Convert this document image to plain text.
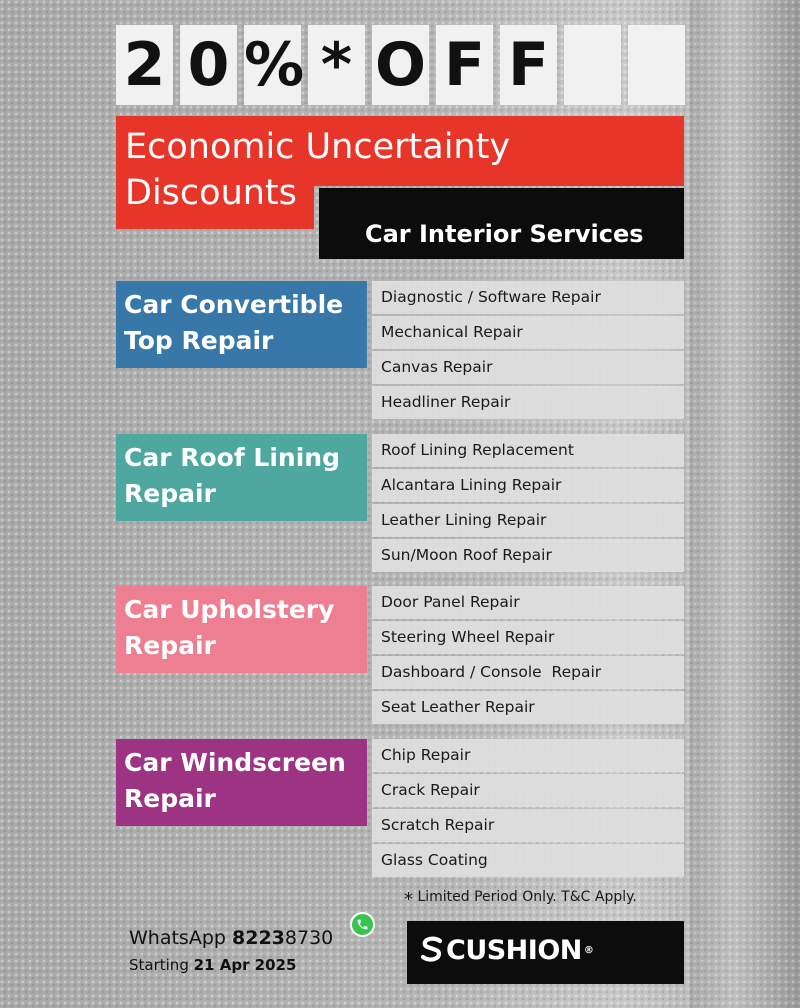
2 0 % * O F F
Economic Uncertainty
Discounts
Car Interior Services
Car Convertible
Top Repair
Diagnostic / Software Repair
Mechanical Repair
Canvas Repair
Headliner Repair
Car Roof Lining
Repair
Roof Lining Replacement
Alcantara Lining Repair
Leather Lining Repair
Sun/Moon Roof Repair
Car Upholstery
Repair
Door Panel Repair
Steering Wheel Repair
Dashboard / Console  Repair
Seat Leather Repair
Car Windscreen
Repair
Chip Repair
Crack Repair
Scratch Repair
Glass Coating
* Limited Period Only. T&C Apply.
WhatsApp 82238730
Starting 21 Apr 2025	CUSHION ®
